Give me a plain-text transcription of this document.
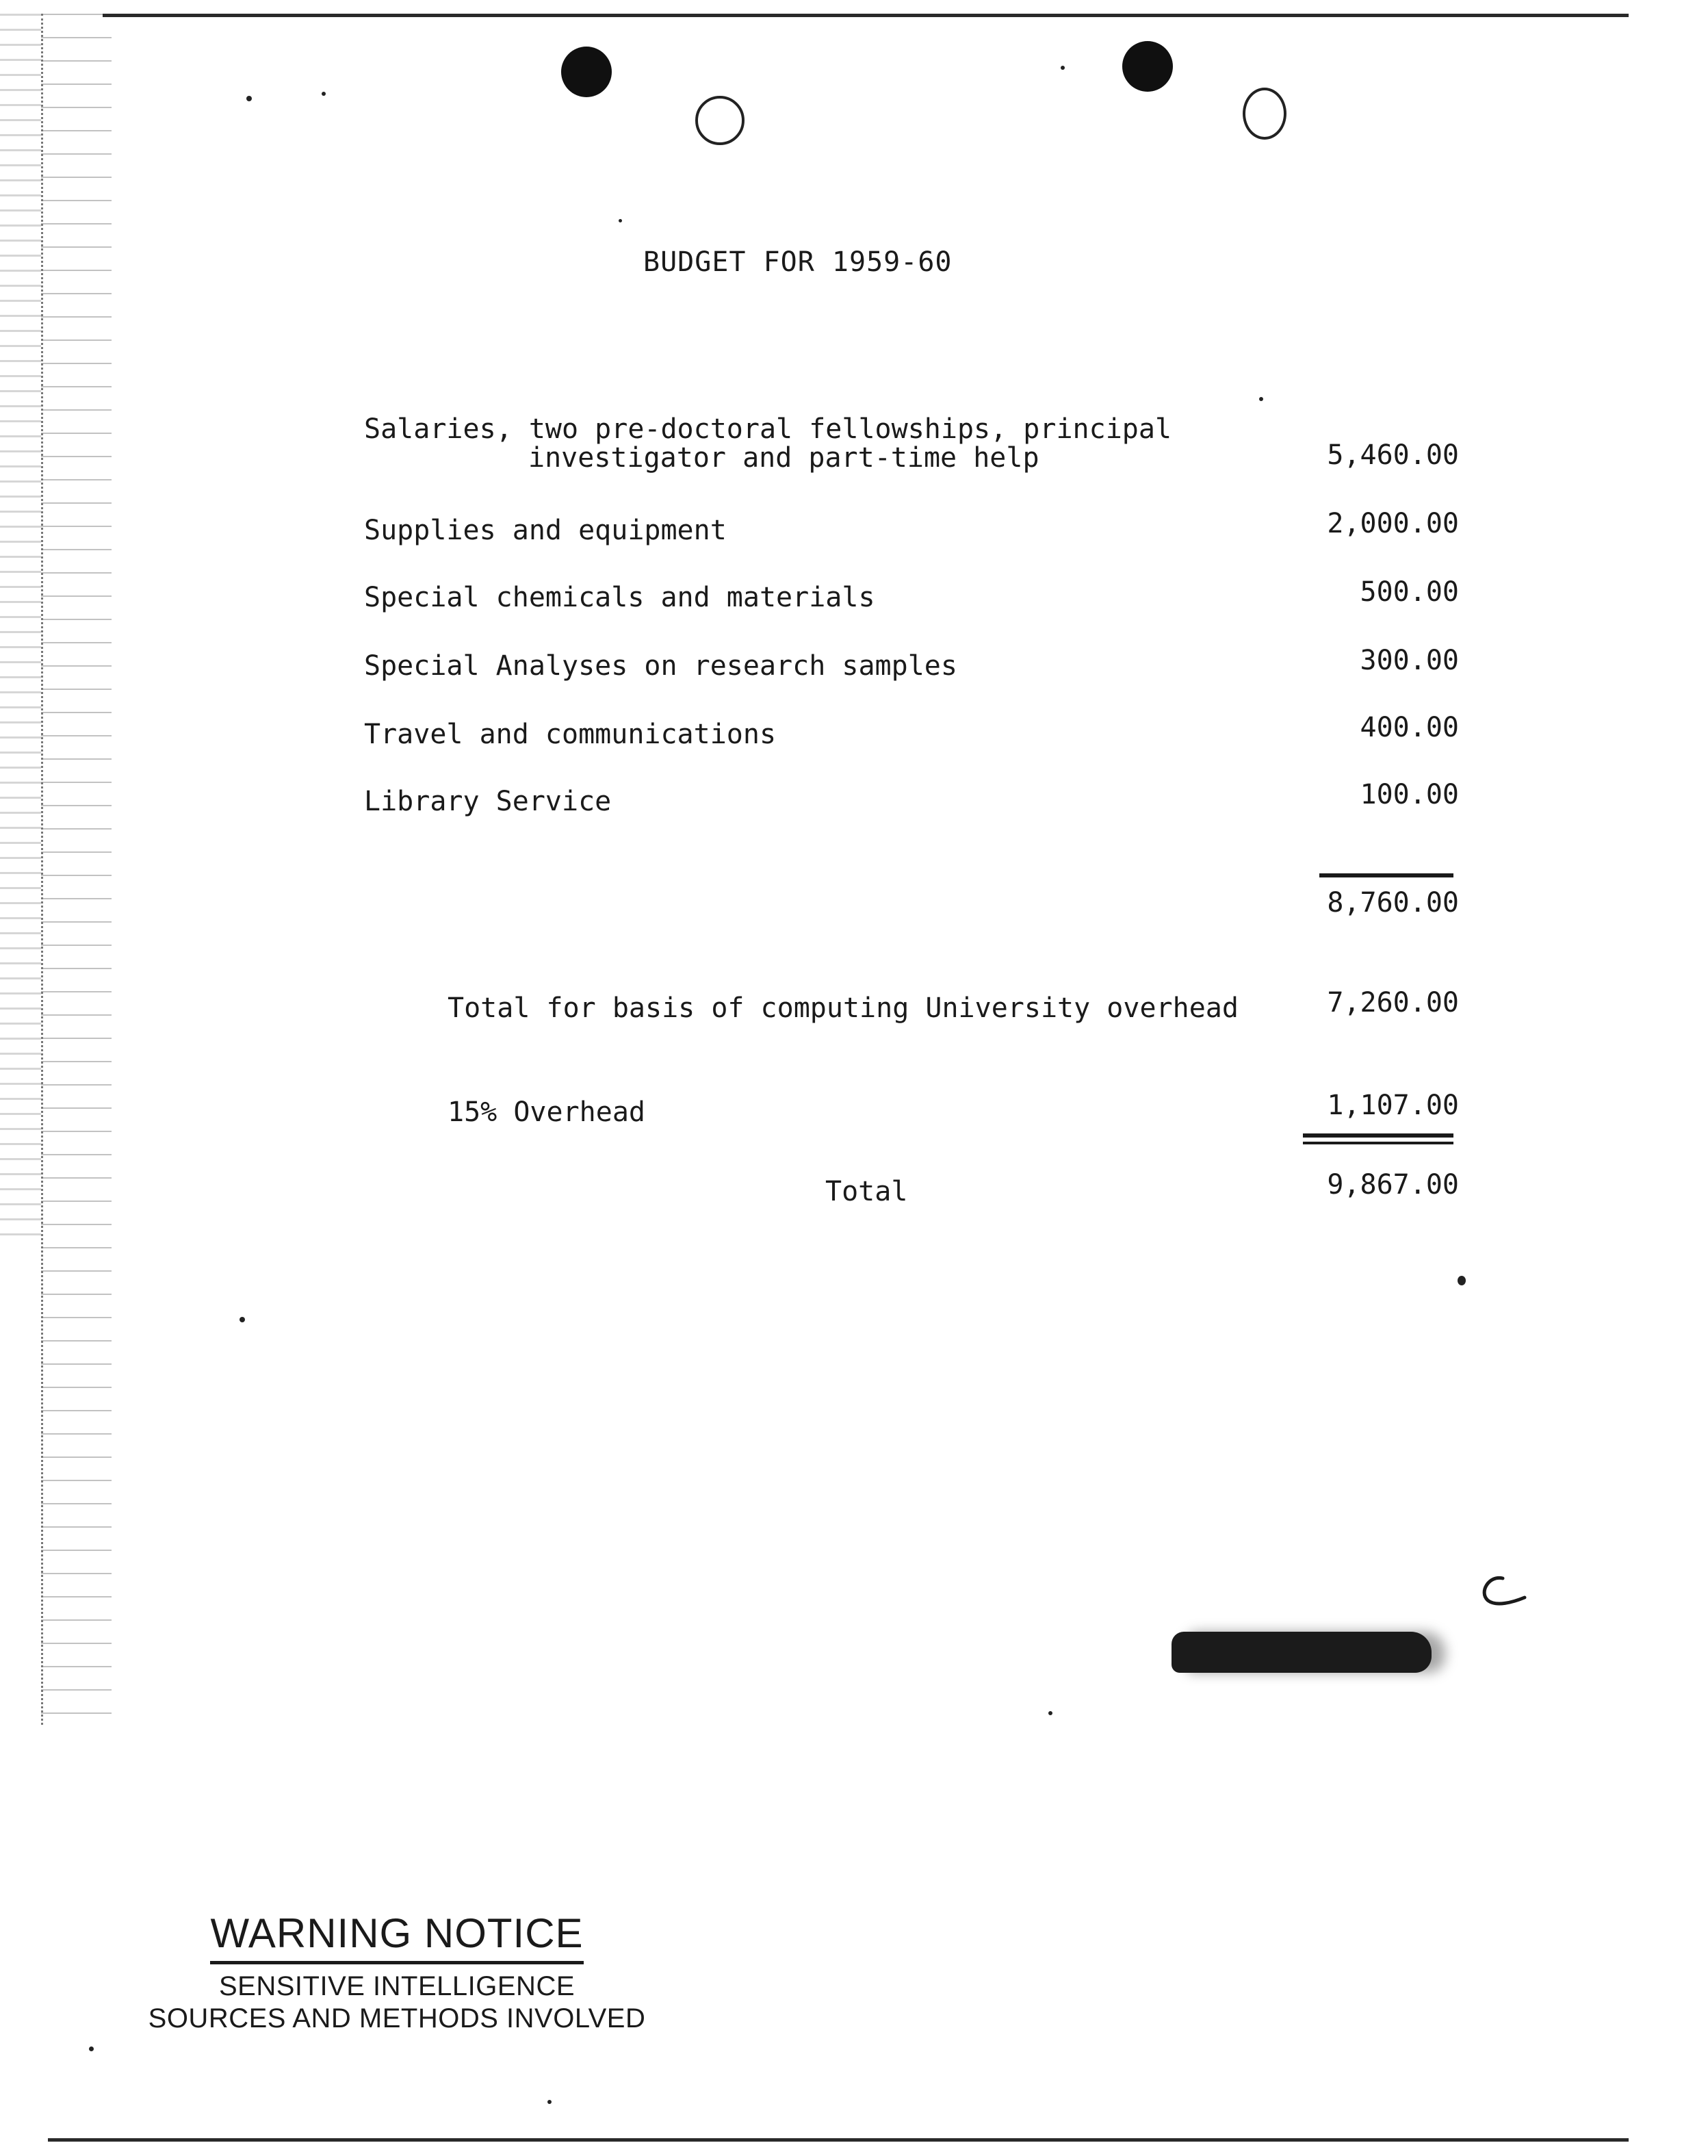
BUDGET FOR 1959-60
Salaries, two pre-doctoral fellowships, principal
investigator and part-time help	5,460.00
Supplies and equipment	2,000.00
Special chemicals and materials	500.00
Special Analyses on research samples	300.00
Travel and communications	400.00
Library Service	100.00
8,760.00
Total for basis of computing University overhead	7,260.00
15% Overhead	1,107.00
Total	9,867.00
WARNING NOTICE
SENSITIVE INTELLIGENCE
SOURCES AND METHODS INVOLVED
